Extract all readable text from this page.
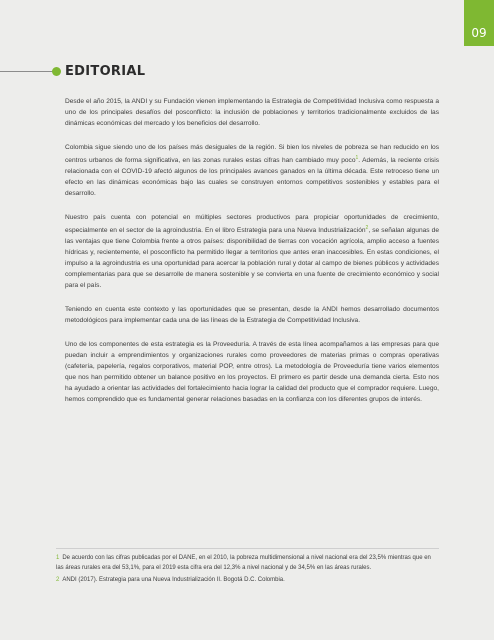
09
EDITORIAL

Desde el año 2015, la ANDI y su Fundación vienen implementando la Estrategia de Competitividad Inclusiva como respuesta a uno de los principales desafíos del posconflicto: la inclusión de poblaciones y territorios tradicionalmente excluidos de las dinámicas económicas del mercado y los beneficios del desarrollo.

Colombia sigue siendo uno de los países más desiguales de la región. Si bien los niveles de pobreza se han reducido en los centros urbanos de forma significativa, en las zonas rurales estas cifras han cambiado muy poco$^1$. Además, la reciente crisis relacionada con el COVID-19 afectó algunos de los principales avances ganados en la última década. Este retroceso tiene un efecto en las dinámicas económicas bajo las cuales se construyen entornos competitivos sostenibles y estables para el desarrollo.

Nuestro país cuenta con potencial en múltiples sectores productivos para propiciar oportunidades de crecimiento, especialmente en el sector de la agroindustria. En el libro Estrategia para una Nueva Industrialización$^2$, se señalan algunas de las ventajas que tiene Colombia frente a otros países: disponibilidad de tierras con vocación agrícola, amplio acceso a fuentes hídricas y, recientemente, el posconflicto ha permitido llegar a territorios que antes eran inaccesibles. En estas condiciones, el impulso a la agroindustria es una oportunidad para acercar la población rural y dotar al campo de bienes públicos y actividades complementarias para que se desarrolle de manera sostenible y se convierta en una fuente de crecimiento económico y social para el país.

Teniendo en cuenta este contexto y las oportunidades que se presentan, desde la ANDI hemos desarrollado documentos metodológicos para implementar cada una de las líneas de la Estrategia de Competitividad Inclusiva.

Uno de los componentes de esta estrategia es la Proveeduría. A través de esta línea acompañamos a las empresas para que puedan incluir a emprendimientos y organizaciones rurales como proveedores de materias primas o compras operativas (cafetería, papelería, regalos corporativos, material POP, entre otros). La metodología de Proveeduría tiene varios elementos que nos han permitido obtener un balance positivo en los proyectos. El primero es partir desde una demanda cierta. Esto nos ha ayudado a orientar las actividades del fortalecimiento hacia lograr la calidad del producto que el comprador requiere. Luego, hemos comprendido que es fundamental generar relaciones basadas en la confianza con los diferentes grupos de interés.

1 De acuerdo con las cifras publicadas por el DANE, en el 2010, la pobreza multidimensional a nivel nacional era del 23,5% mientras que en las áreas rurales era del 53,1%, para el 2019 esta cifra era del 12,3% a nivel nacional y de 34,5% en las áreas rurales.

2 ANDI (2017). Estrategia para una Nueva Industrialización II. Bogotá D.C. Colombia.
